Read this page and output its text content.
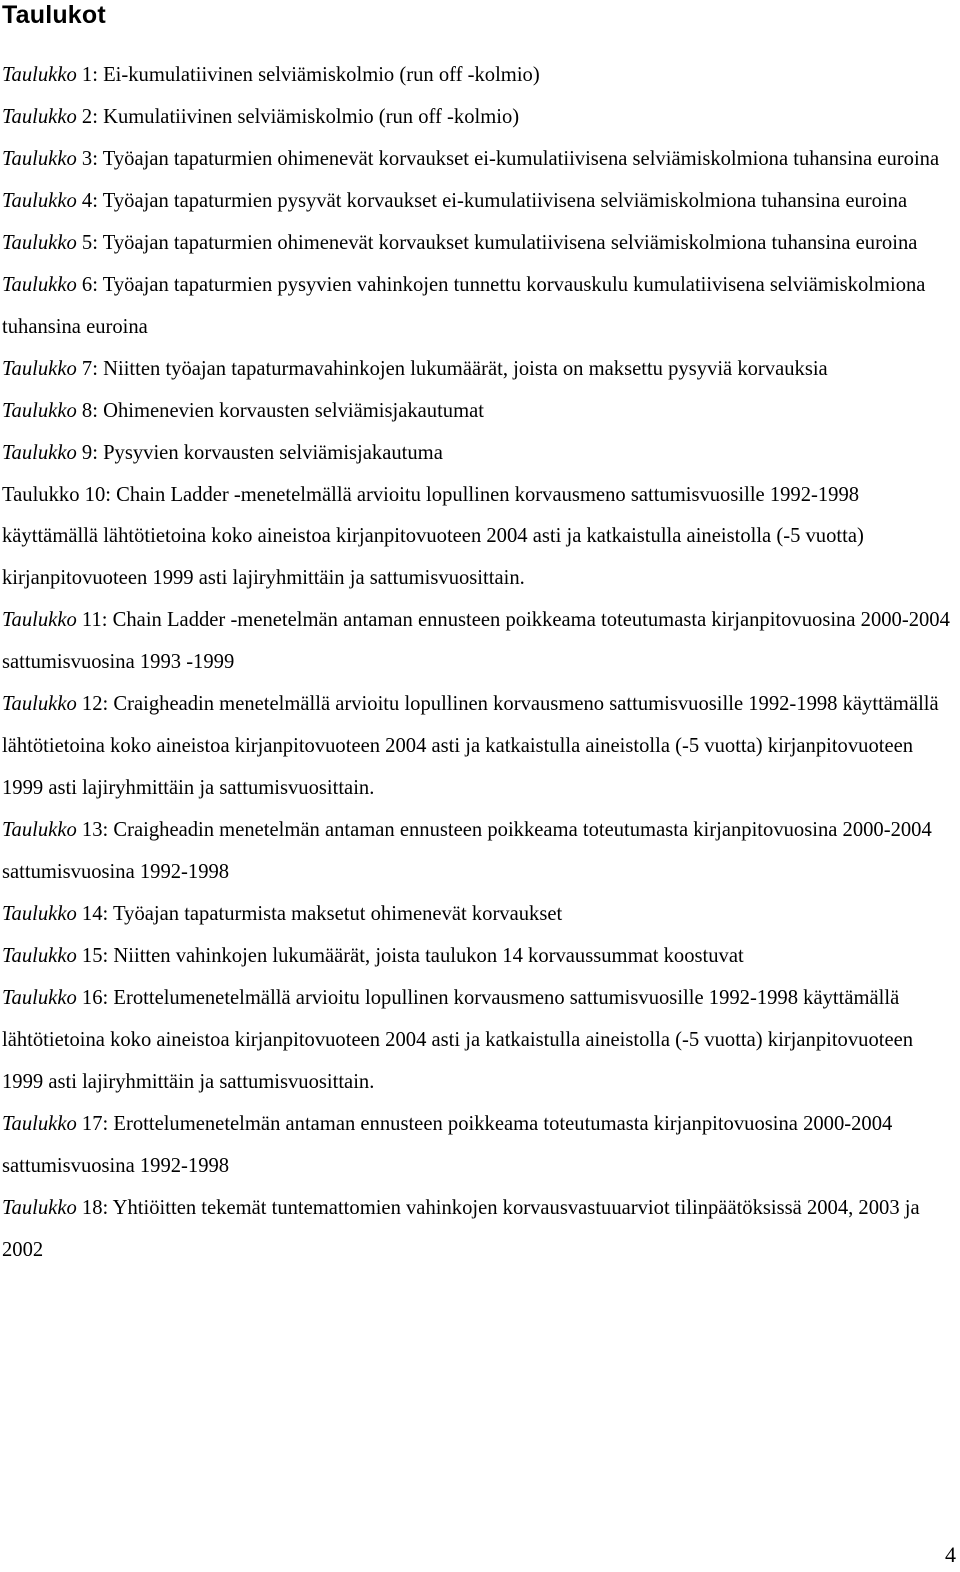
Taulukot
Taulukko 1: Ei-kumulatiivinen selviämiskolmio (run off -kolmio)
Taulukko 2: Kumulatiivinen selviämiskolmio (run off -kolmio)
Taulukko 3: Työajan tapaturmien ohimenevät korvaukset ei-kumulatiivisena selviämiskolmiona tuhansina euroina
Taulukko 4: Työajan tapaturmien pysyvät korvaukset ei-kumulatiivisena selviämiskolmiona tuhansina euroina
Taulukko 5: Työajan tapaturmien ohimenevät korvaukset kumulatiivisena selviämiskolmiona tuhansina euroina
Taulukko 6: Työajan tapaturmien pysyvien vahinkojen tunnettu korvauskulu kumulatiivisena selviämiskolmiona tuhansina euroina
Taulukko 7: Niitten työajan tapaturmavahinkojen lukumäärät, joista on maksettu pysyviä korvauksia
Taulukko 8: Ohimenevien korvausten selviämisjakautumat
Taulukko 9: Pysyvien korvausten selviämisjakautuma
Taulukko 10: Chain Ladder -menetelmällä arvioitu lopullinen korvausmeno sattumisvuosille 1992-1998 käyttämällä lähtötietoina koko aineistoa kirjanpitovuoteen 2004 asti ja katkaistulla aineistolla (-5 vuotta) kirjanpitovuoteen 1999 asti lajiryhmittäin ja sattumisvuosittain.
Taulukko 11: Chain Ladder -menetelmän antaman ennusteen poikkeama toteutumasta kirjanpitovuosina 2000-2004 sattumisvuosina 1993 -1999
Taulukko 12: Craigheadin menetelmällä arvioitu lopullinen korvausmeno sattumisvuosille 1992-1998 käyttämällä lähtötietoina koko aineistoa kirjanpitovuoteen 2004 asti ja katkaistulla aineistolla (-5 vuotta) kirjanpitovuoteen 1999 asti lajiryhmittäin ja sattumisvuosittain.
Taulukko 13: Craigheadin menetelmän antaman ennusteen poikkeama toteutumasta kirjanpitovuosina 2000-2004 sattumisvuosina 1992-1998
Taulukko 14: Työajan tapaturmista maksetut ohimenevät korvaukset
Taulukko 15: Niitten vahinkojen lukumäärät, joista taulukon 14 korvaussummat koostuvat
Taulukko 16: Erottelumenetelmällä arvioitu lopullinen korvausmeno sattumisvuosille 1992-1998 käyttämällä lähtötietoina koko aineistoa kirjanpitovuoteen 2004 asti ja katkaistulla aineistolla (-5 vuotta) kirjanpitovuoteen 1999 asti lajiryhmittäin ja sattumisvuosittain.
Taulukko 17: Erottelumenetelmän antaman ennusteen poikkeama toteutumasta kirjanpitovuosina 2000-2004 sattumisvuosina 1992-1998
Taulukko 18: Yhtiöitten tekemät tuntemattomien vahinkojen korvausvastuuarviot tilinpäätöksissä 2004, 2003 ja 2002
4
